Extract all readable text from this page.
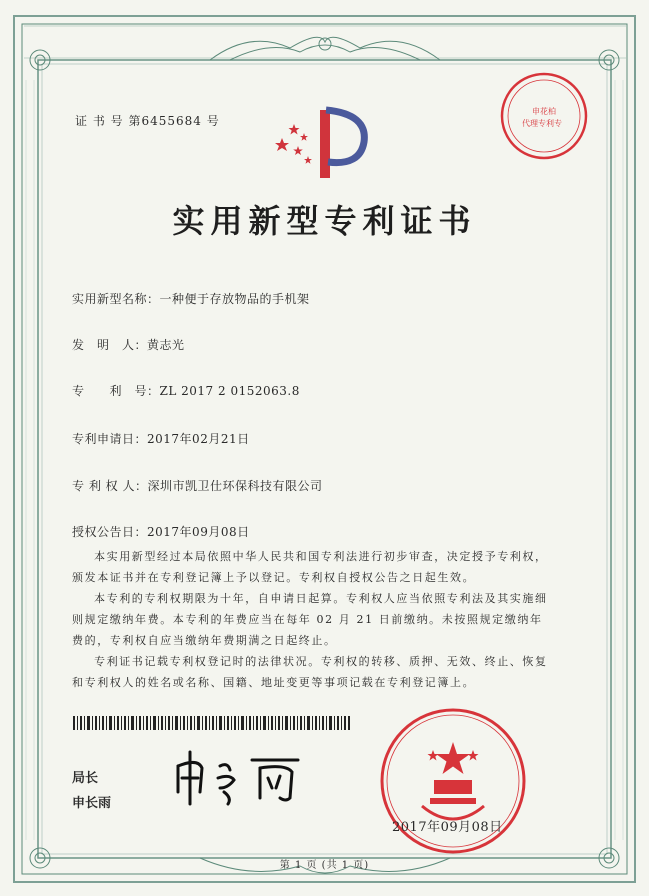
证 书 号 第6455684 号
申花柏
代理专利专
实用新型专利证书
实用新型名称：一种便于存放物品的手机架
发　明　人：黄志光
专　　利　号：ZL 2017 2 0152063.8
专利申请日：2017年02月21日
专 利 权 人：深圳市凯卫仕环保科技有限公司
授权公告日：2017年09月08日

本实用新型经过本局依照中华人民共和国专利法进行初步审查，决定授予专利权，颁发本证书并在专利登记簿上予以登记。专利权自授权公告之日起生效。

本专利的专利权期限为十年，自申请日起算。专利权人应当依照专利法及其实施细则规定缴纳年费。本专利的年费应当在每年 02 月 21 日前缴纳。未按照规定缴纳年费的，专利权自应当缴纳年费期满之日起终止。

专利证书记载专利权登记时的法律状况。专利权的转移、质押、无效、终止、恢复和专利权人的姓名或名称、国籍、地址变更等事项记载在专利登记簿上。

局长
申长雨
2017年09月08日
第 1 页 (共 1 页)
